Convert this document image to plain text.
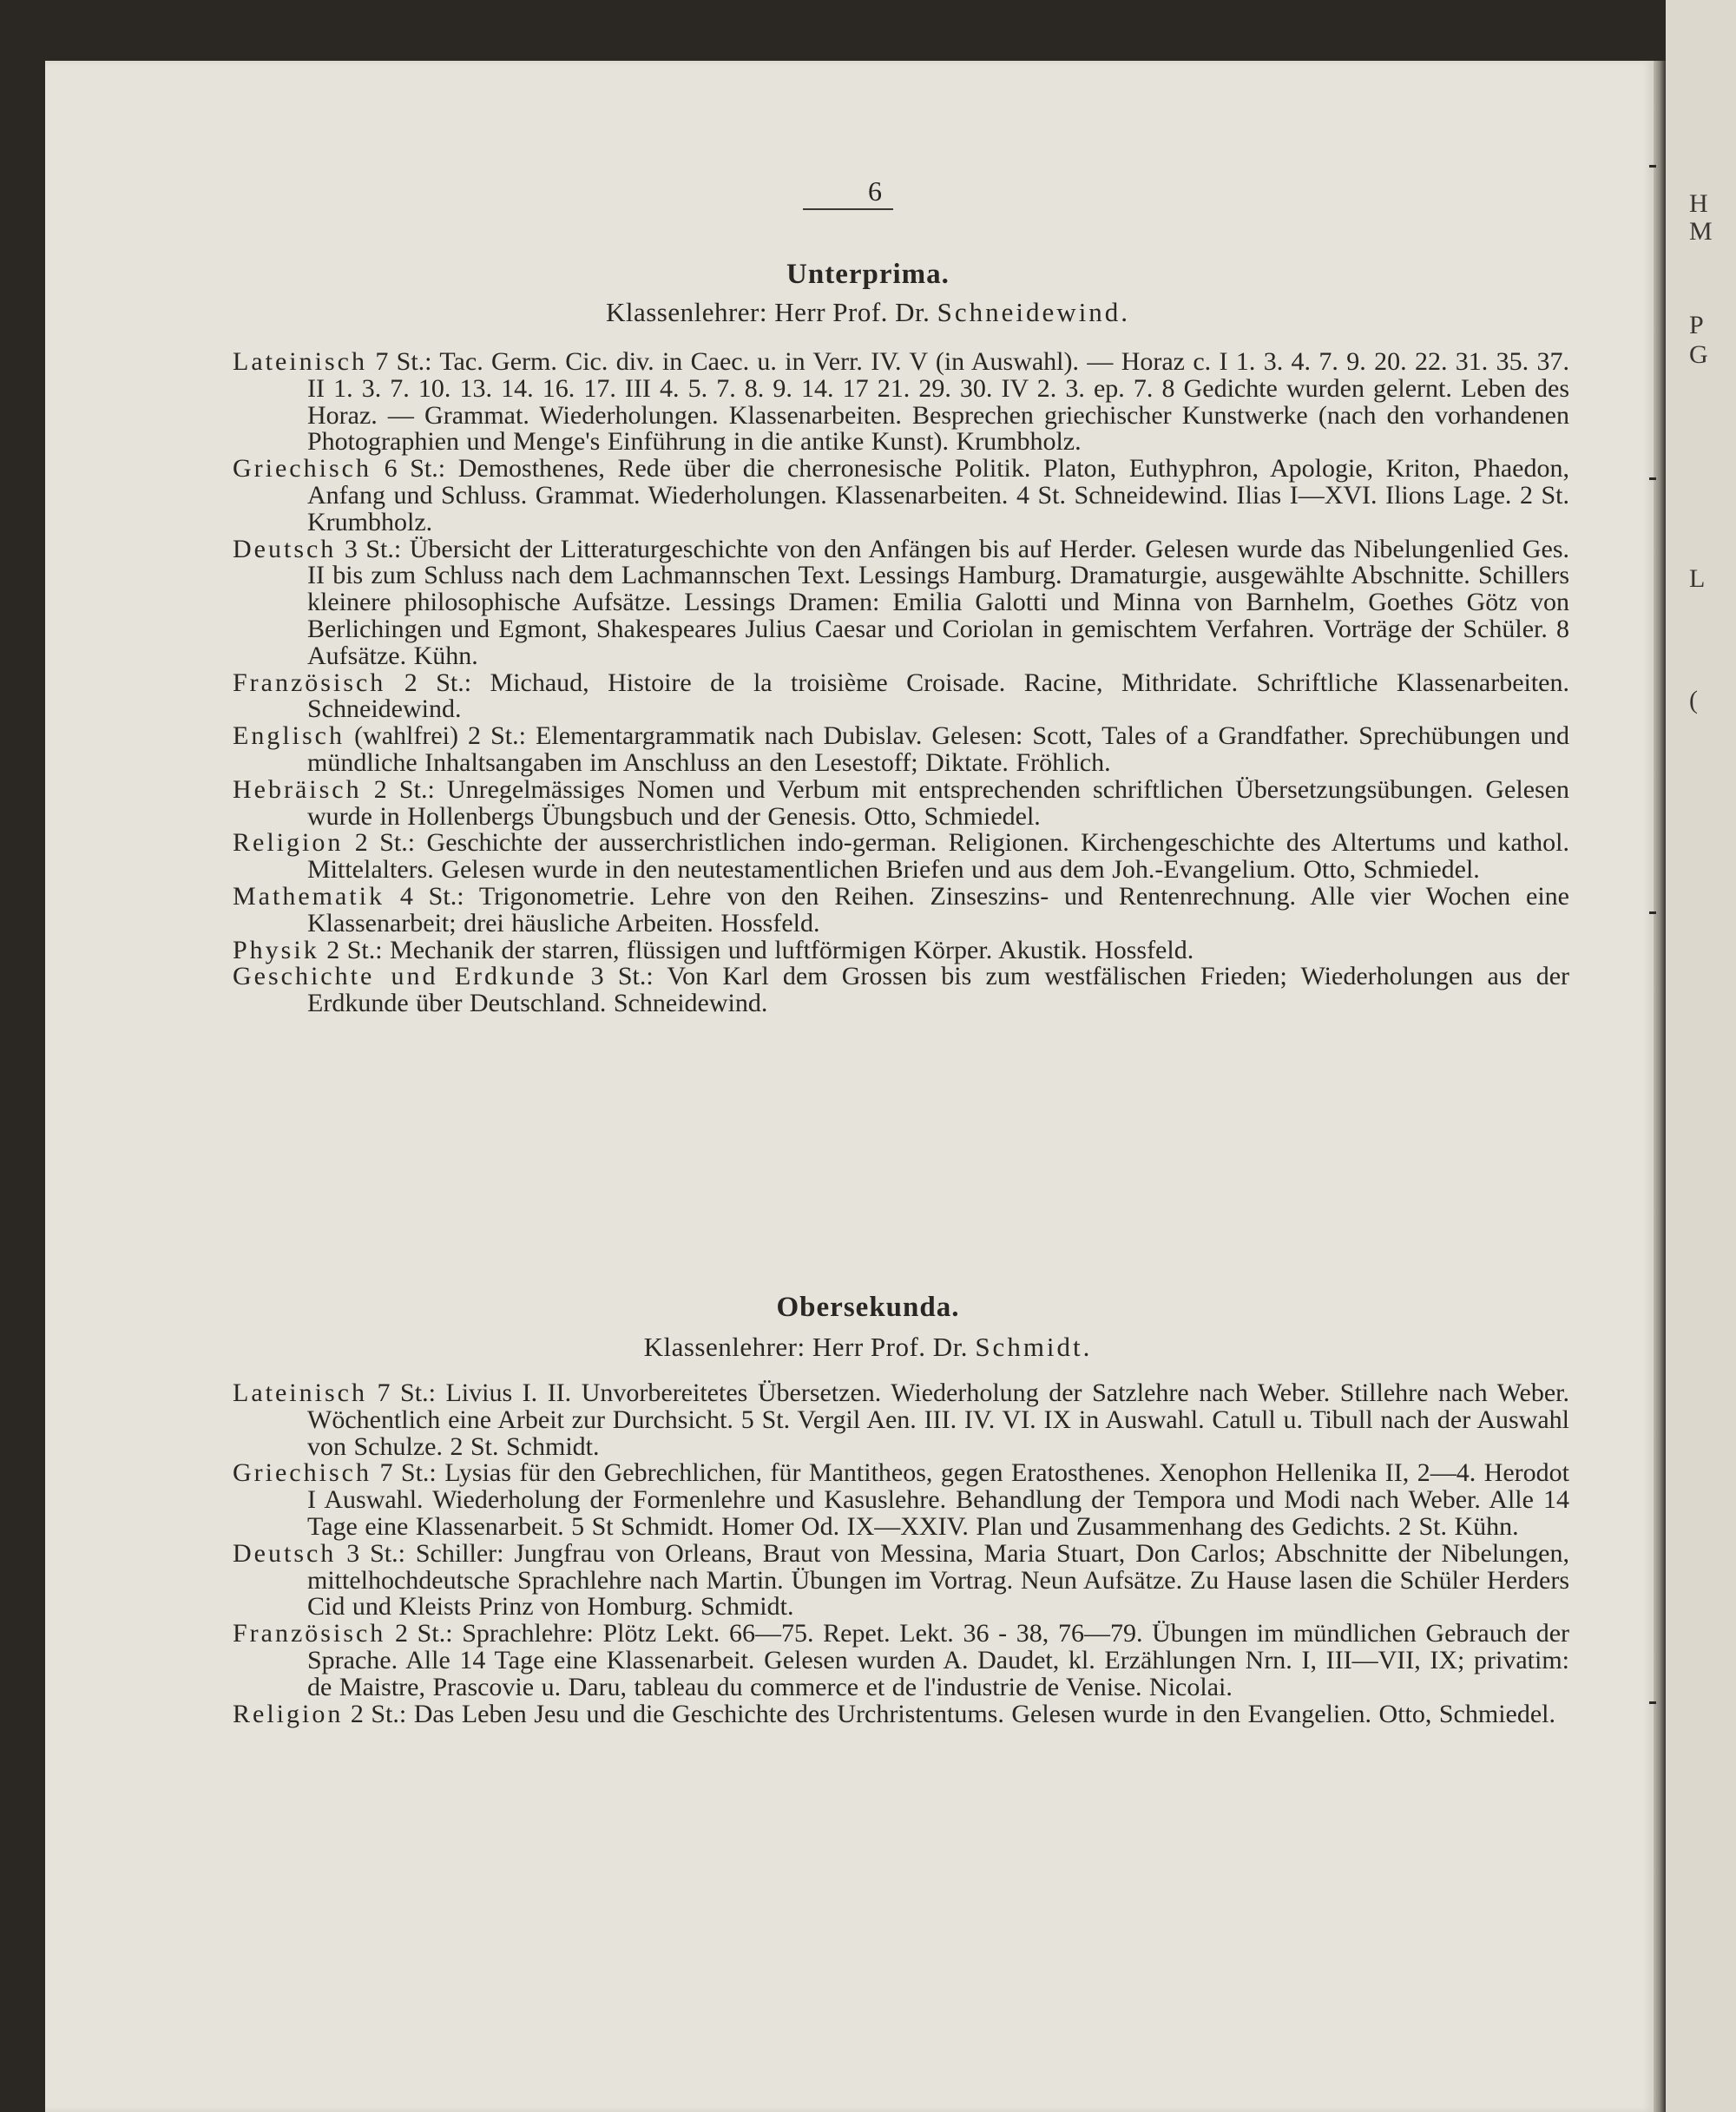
H
M
P
G
L
(
6
Unterprima.
Klassenlehrer: Herr Prof. Dr. Schneidewind.

Lateinisch 7 St.: Tac. Germ. Cic. div. in Caec. u. in Verr. IV. V (in Auswahl). — Horaz c. I 1. 3. 4. 7. 9. 20. 22. 31. 35. 37. II 1. 3. 7. 10. 13. 14. 16. 17. III 4. 5. 7. 8. 9. 14. 17 21. 29. 30. IV 2. 3. ep. 7. 8 Gedichte wurden gelernt. Leben des Horaz. — Grammat. Wiederholungen. Klassenarbeiten. Besprechen griechischer Kunstwerke (nach den vorhandenen Photographien und Menge's Einführung in die antike Kunst). Krumbholz.

Griechisch 6 St.: Demosthenes, Rede über die cherronesische Politik. Platon, Euthyphron, Apologie, Kriton, Phaedon, Anfang und Schluss. Grammat. Wiederholungen. Klassenarbeiten. 4 St. Schneidewind. Ilias I—XVI. Ilions Lage. 2 St. Krumbholz.

Deutsch 3 St.: Übersicht der Litteraturgeschichte von den Anfängen bis auf Herder. Gelesen wurde das Nibelungenlied Ges. II bis zum Schluss nach dem Lachmannschen Text. Lessings Hamburg. Dramaturgie, ausgewählte Abschnitte. Schillers kleinere philosophische Aufsätze. Lessings Dramen: Emilia Galotti und Minna von Barnhelm, Goethes Götz von Berlichingen und Egmont, Shakespeares Julius Caesar und Coriolan in gemischtem Verfahren. Vorträge der Schüler. 8 Aufsätze. Kühn.

Französisch 2 St.: Michaud, Histoire de la troisième Croisade. Racine, Mithridate. Schriftliche Klassenarbeiten. Schneidewind.

Englisch (wahlfrei) 2 St.: Elementargrammatik nach Dubislav. Gelesen: Scott, Tales of a Grandfather. Sprechübungen und mündliche Inhaltsangaben im Anschluss an den Lesestoff; Diktate. Fröhlich.

Hebräisch 2 St.: Unregelmässiges Nomen und Verbum mit entsprechenden schriftlichen Übersetzungsübungen. Gelesen wurde in Hollenbergs Übungsbuch und der Genesis. Otto, Schmiedel.

Religion 2 St.: Geschichte der ausserchristlichen indo-german. Religionen. Kirchengeschichte des Altertums und kathol. Mittelalters. Gelesen wurde in den neutestamentlichen Briefen und aus dem Joh.-Evangelium. Otto, Schmiedel.

Mathematik 4 St.: Trigonometrie. Lehre von den Reihen. Zinseszins- und Rentenrechnung. Alle vier Wochen eine Klassenarbeit; drei häusliche Arbeiten. Hossfeld.

Physik 2 St.: Mechanik der starren, flüssigen und luftförmigen Körper. Akustik. Hossfeld.

Geschichte und Erdkunde 3 St.: Von Karl dem Grossen bis zum westfälischen Frieden; Wiederholungen aus der Erdkunde über Deutschland. Schneidewind.

Obersekunda.
Klassenlehrer: Herr Prof. Dr. Schmidt.

Lateinisch 7 St.: Livius I. II. Unvorbereitetes Übersetzen. Wiederholung der Satzlehre nach Weber. Stillehre nach Weber. Wöchentlich eine Arbeit zur Durchsicht. 5 St. Vergil Aen. III. IV. VI. IX in Auswahl. Catull u. Tibull nach der Auswahl von Schulze. 2 St. Schmidt.

Griechisch 7 St.: Lysias für den Gebrechlichen, für Mantitheos, gegen Eratosthenes. Xenophon Hellenika II, 2—4. Herodot I Auswahl. Wiederholung der Formenlehre und Kasuslehre. Behandlung der Tempora und Modi nach Weber. Alle 14 Tage eine Klassenarbeit. 5 St Schmidt. Homer Od. IX—XXIV. Plan und Zusammenhang des Gedichts. 2 St. Kühn.

Deutsch 3 St.: Schiller: Jungfrau von Orleans, Braut von Messina, Maria Stuart, Don Carlos; Abschnitte der Nibelungen, mittelhochdeutsche Sprachlehre nach Martin. Übungen im Vortrag. Neun Aufsätze. Zu Hause lasen die Schüler Herders Cid und Kleists Prinz von Homburg. Schmidt.

Französisch 2 St.: Sprachlehre: Plötz Lekt. 66—75. Repet. Lekt. 36 - 38, 76—79. Übungen im mündlichen Gebrauch der Sprache. Alle 14 Tage eine Klassenarbeit. Gelesen wurden A. Daudet, kl. Erzählungen Nrn. I, III—VII, IX; privatim: de Maistre, Prascovie u. Daru, tableau du commerce et de l'industrie de Venise. Nicolai.

Religion 2 St.: Das Leben Jesu und die Geschichte des Urchristentums. Gelesen wurde in den Evangelien. Otto, Schmiedel.
